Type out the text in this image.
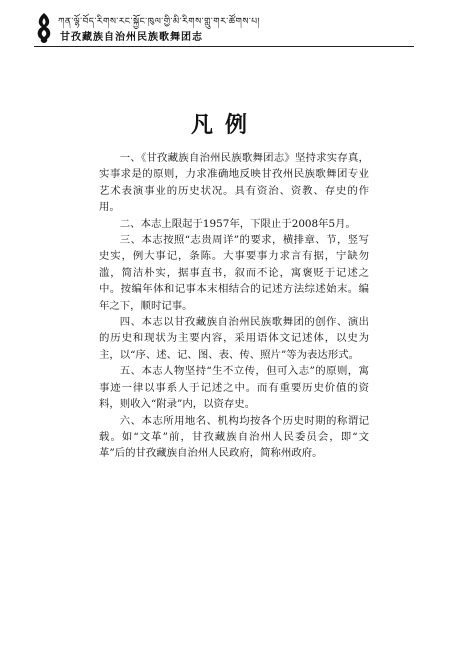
ཀན་ལྷོ་བོད་རིགས་རང་སྐྱོང་ཁུལ་གྱི་མི་རིགས་གླུ་གར་ཚོགས་པ།
甘孜藏族自治州民族歌舞团志
凡例

一、《甘孜藏族自治州民族歌舞团志》坚持求实存真，实事求是的原则，力求准确地反映甘孜州民族歌舞团专业艺术表演事业的历史状况。具有资治、资教、存史的作用。

二、本志上限起于1957年，下限止于2008年5月。

三、本志按照“志贵周详”的要求，横排章、节，竖写史实，例大事记，条陈。大事要事力求言有据，宁缺勿滥，简洁朴实，据事直书，叙而不论，寓褒贬于记述之中。按编年体和记事本末相结合的记述方法综述始末。编年之下，顺时记事。

四、本志以甘孜藏族自治州民族歌舞团的创作、演出的历史和现状为主要内容，采用语体文记述体，以史为主，以“序、述、记、图、表、传、照片”等为表达形式。

五、本志人物坚持“生不立传，但可入志”的原则，寓事迹一律以事系人于记述之中。而有重要历史价值的资料，则收入“附录”内，以资存史。

六、本志所用地名、机构均按各个历史时期的称谓记载。如“文革”前，甘孜藏族自治州人民委员会，即“文革”后的甘孜藏族自治州人民政府，简称州政府。
